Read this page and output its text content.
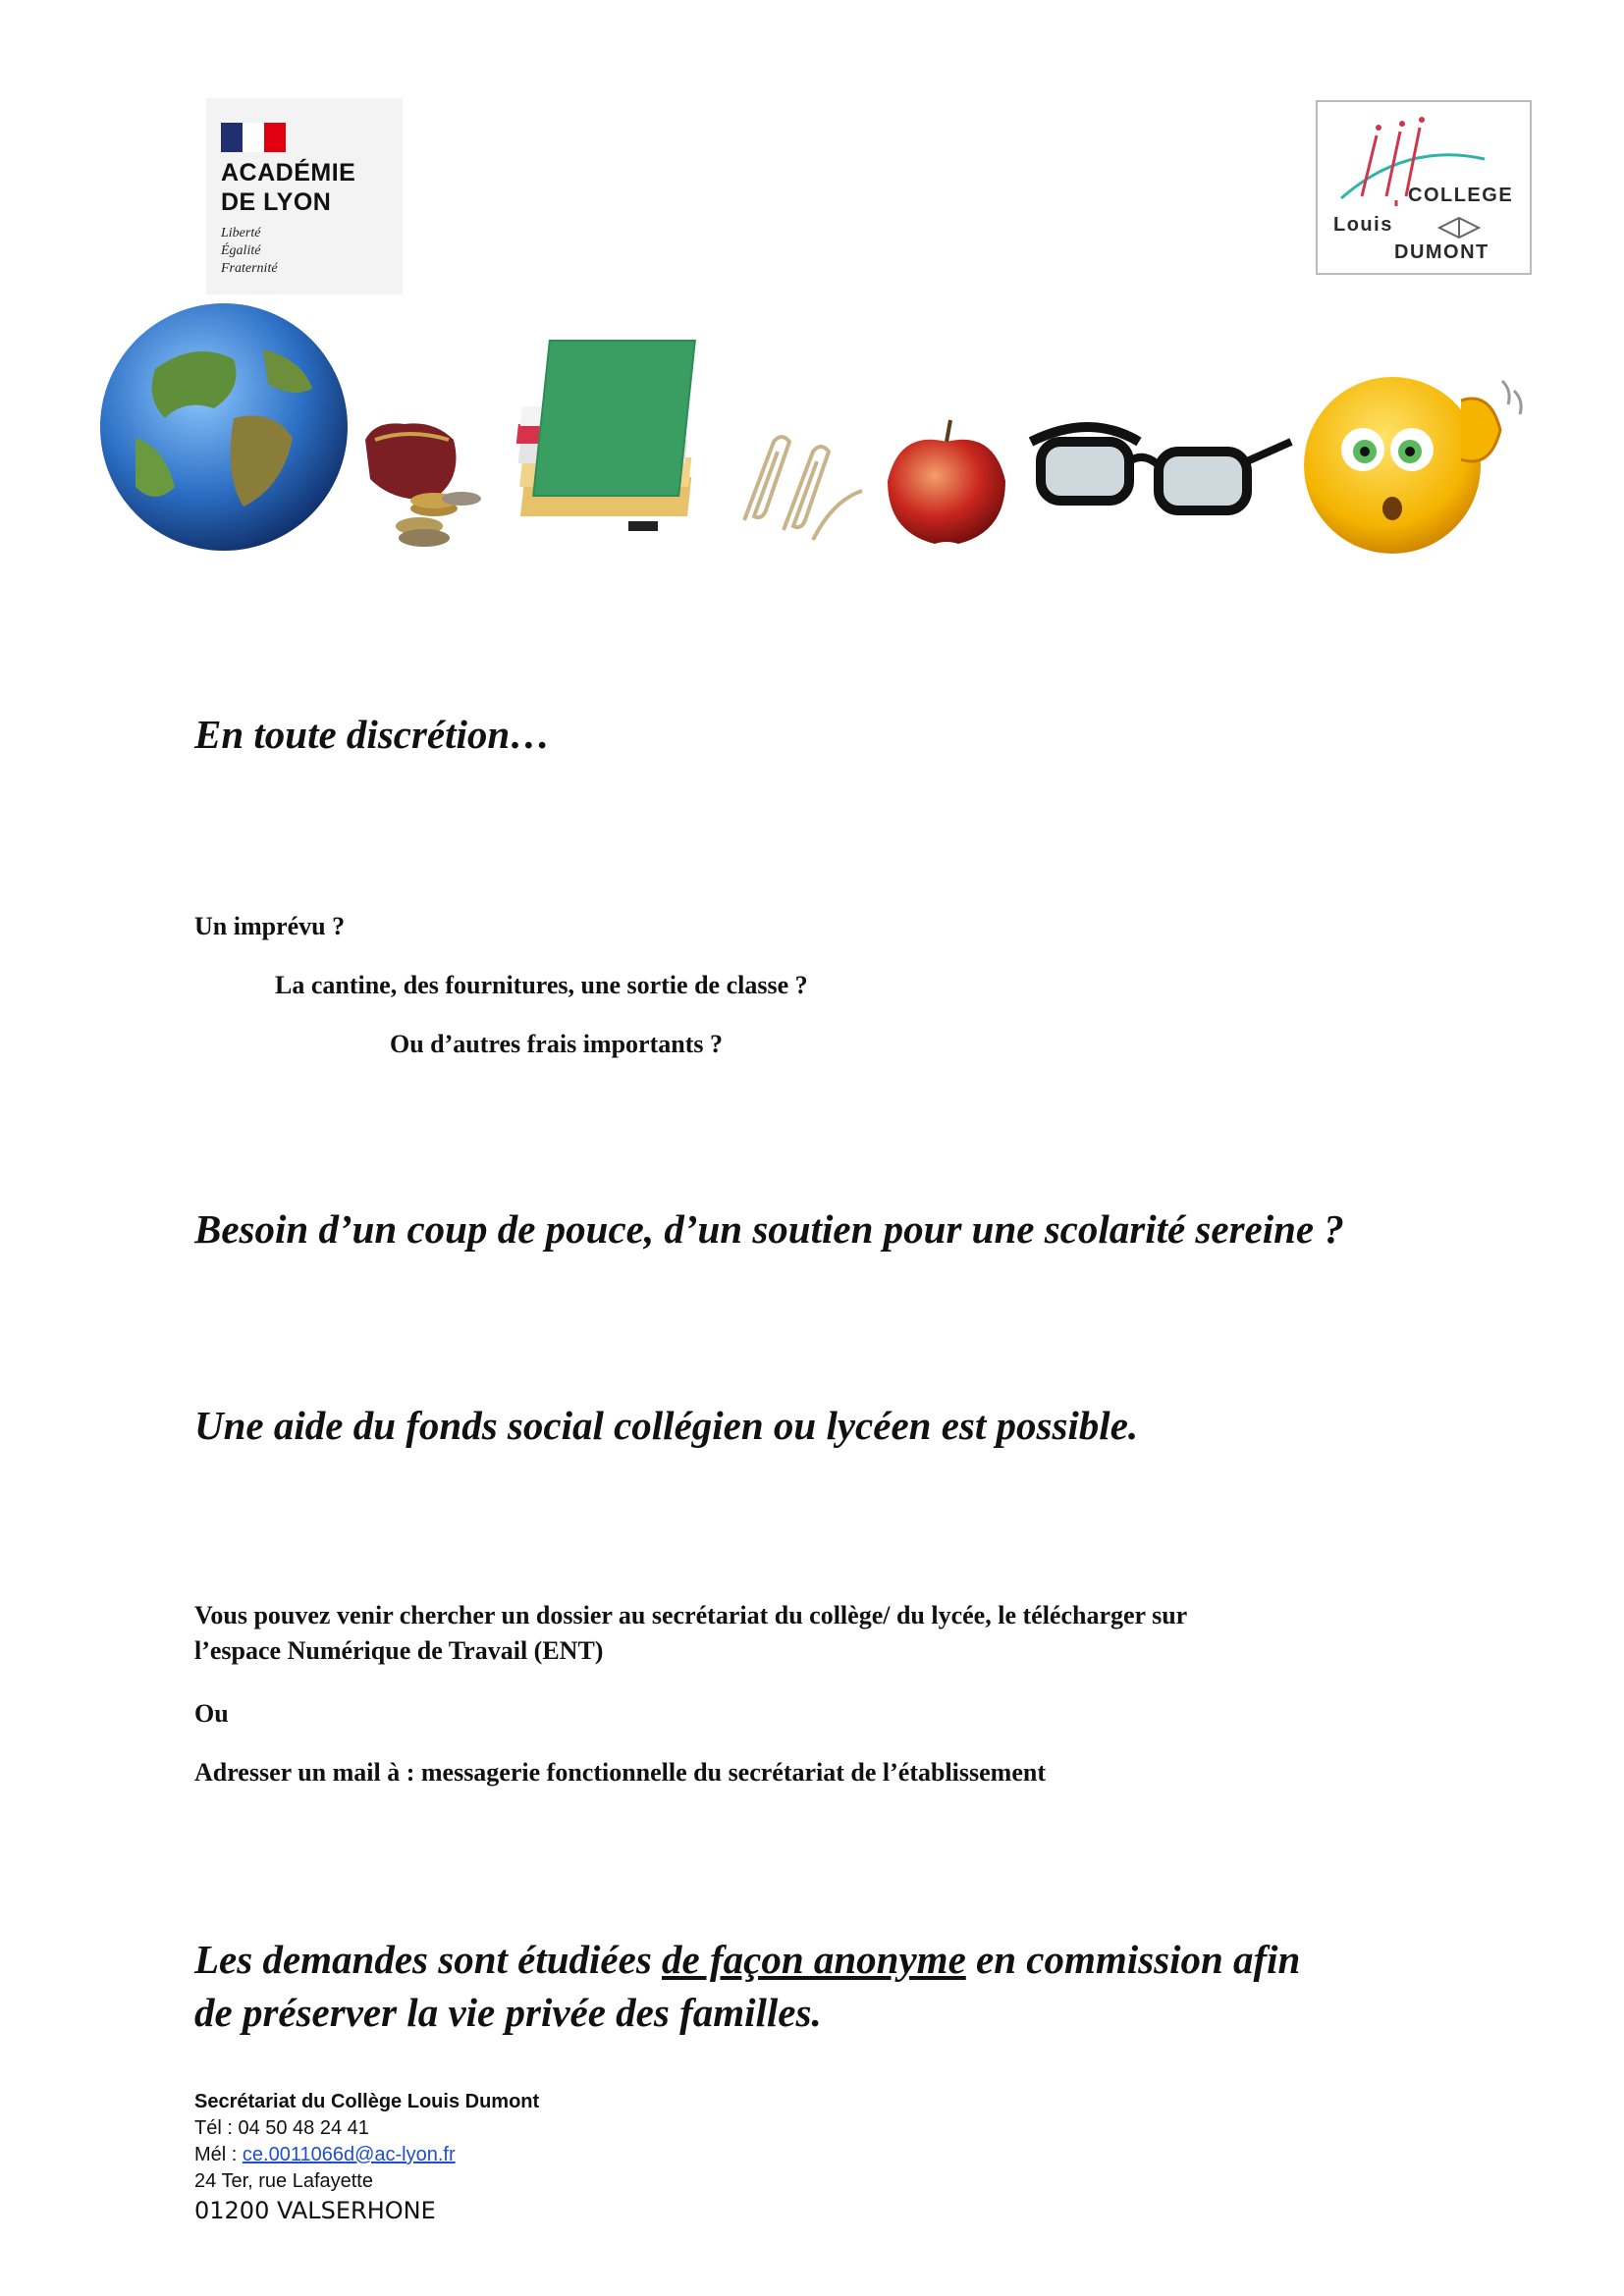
ACADÉMIE
DE LYON
Liberté
Égalité
Fraternité
COLLEGE
Louis
DUMONT
En toute discrétion…
Un imprévu ?
La cantine, des fournitures, une sortie de classe ?
Ou d’autres frais importants ?
Besoin d’un coup de pouce, d’un soutien pour une scolarité sereine ?
Une aide du fonds social collégien ou lycéen est possible.
Vous pouvez venir chercher un dossier au secrétariat du collège/ du lycée, le télécharger sur
l’espace Numérique de Travail (ENT)
Ou
Adresser un mail à : messagerie fonctionnelle du secrétariat de l’établissement
Les demandes sont étudiées de façon anonyme en commission afin
de préserver la vie privée des familles.
Secrétariat du Collège Louis Dumont
Tél : 04 50 48 24 41
Mél : ce.0011066d@ac-lyon.fr
24 Ter, rue Lafayette
01200 VALSERHONE
